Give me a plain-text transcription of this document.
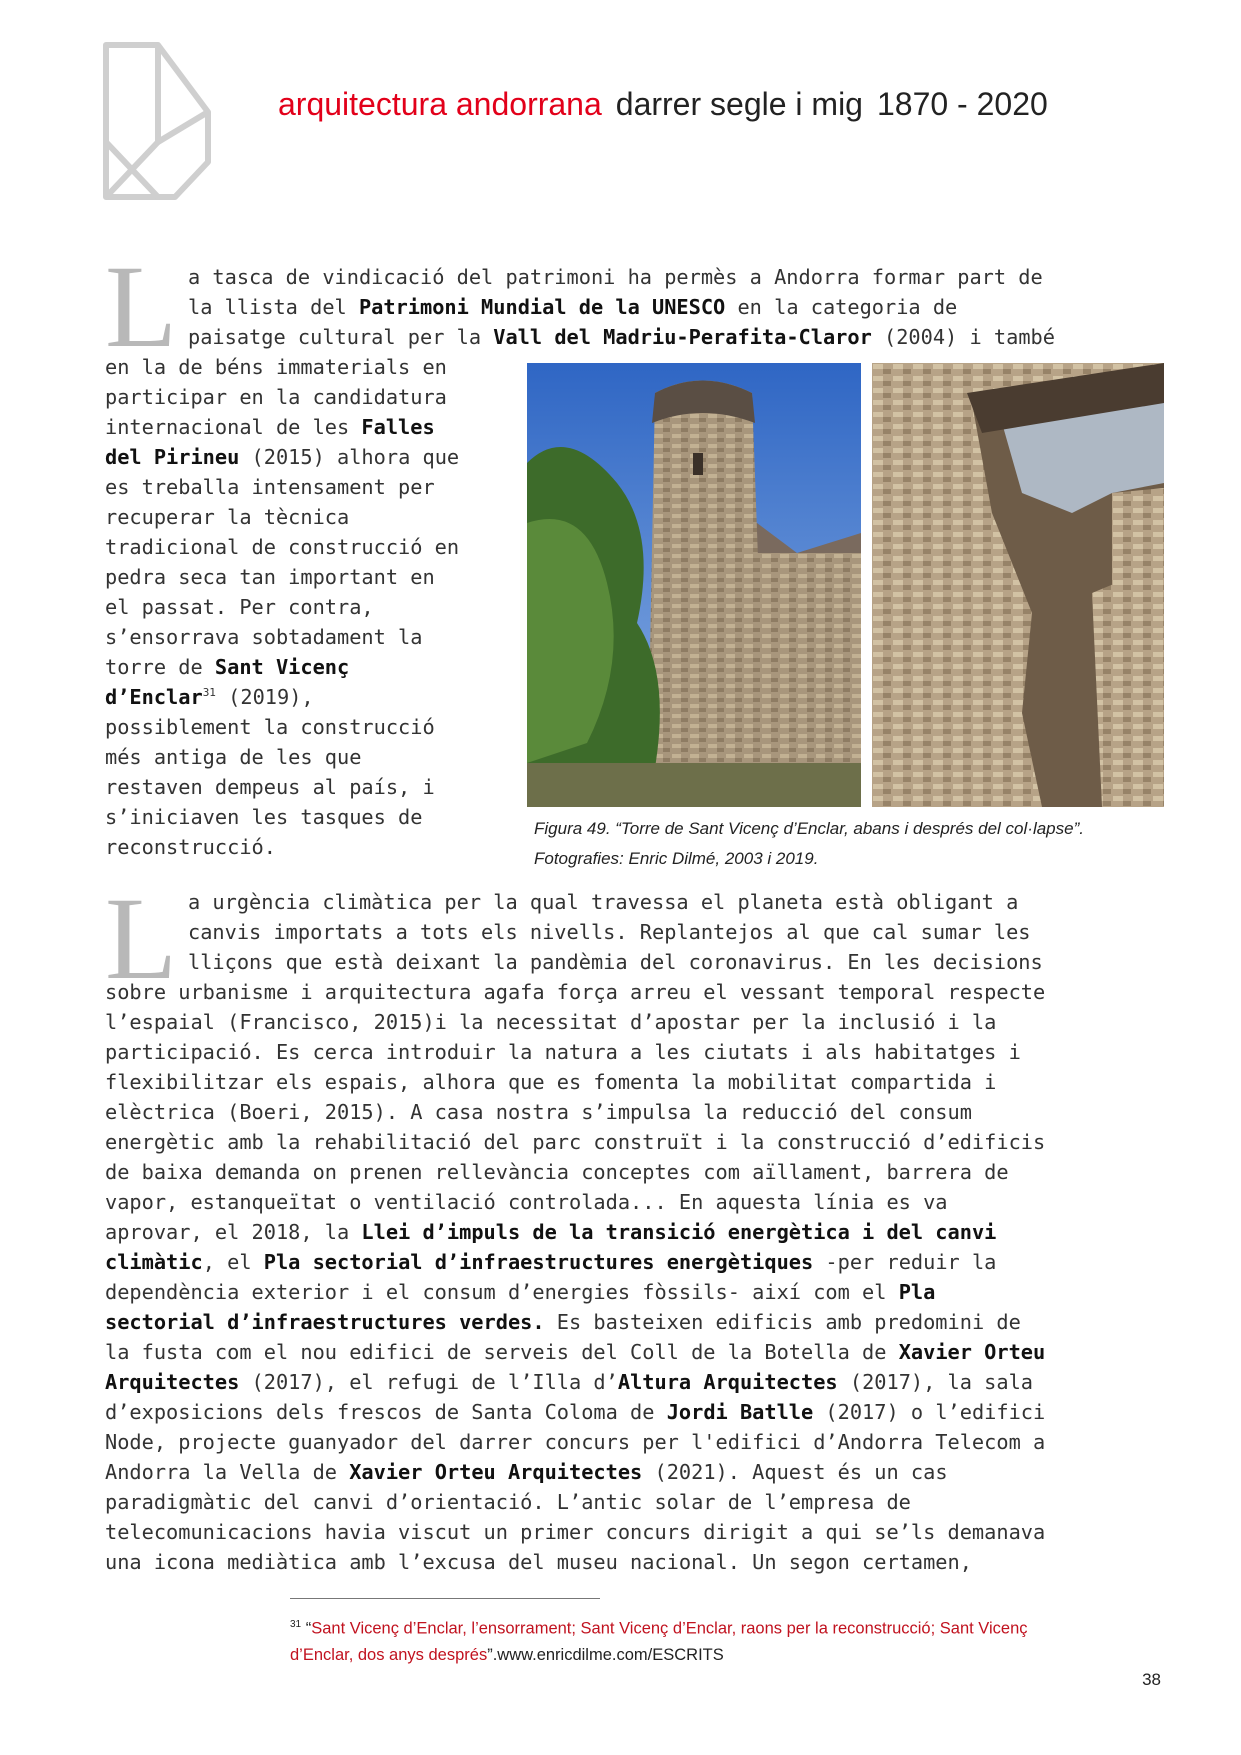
arquitectura andorrana darrer segle i mig 1870 - 2020
L a tasca de vindicació del patrimoni ha permès a Andorra formar part de
la llista del Patrimoni Mundial de la UNESCO en la categoria de
paisatge cultural per la Vall del Madriu-Perafita-Claror (2004) i també
en la de béns immaterials en
participar en la candidatura
internacional de les Falles
del Pirineu (2015) alhora que
es treballa intensament per
recuperar la tècnica
tradicional de construcció en
pedra seca tan important en
el passat. Per contra,
s’ensorrava sobtadament la
torre de Sant Vicenç
d’Enclar$^{31}$ (2019),
possiblement la construcció
més antiga de les que
restaven dempeus al país, i
s’iniciaven les tasques de
reconstrucció.
Figura 49. “Torre de Sant Vicenç d’Enclar, abans i després del col·lapse”.
Fotografies: Enric Dilmé, 2003 i 2019.
L a urgència climàtica per la qual travessa el planeta està obligant a
canvis importats a tots els nivells. Replantejos al que cal sumar les
lliçons que està deixant la pandèmia del coronavirus. En les decisions
sobre urbanisme i arquitectura agafa força arreu el vessant temporal respecte
l’espaial (Francisco, 2015)i la necessitat d’apostar per la inclusió i la
participació. Es cerca introduir la natura a les ciutats i als habitatges i
flexibilitzar els espais, alhora que es fomenta la mobilitat compartida i
elèctrica (Boeri, 2015). A casa nostra s’impulsa la reducció del consum
energètic amb la rehabilitació del parc construït i la construcció d’edificis
de baixa demanda on prenen rellevància conceptes com aïllament, barrera de
vapor, estanqueïtat o ventilació controlada... En aquesta línia es va
aprovar, el 2018, la Llei d’impuls de la transició energètica i del canvi
climàtic, el Pla sectorial d’infraestructures energètiques -per reduir la
dependència exterior i el consum d’energies fòssils- així com el Pla
sectorial d’infraestructures verdes. Es basteixen edificis amb predomini de
la fusta com el nou edifici de serveis del Coll de la Botella de Xavier Orteu
Arquitectes (2017), el refugi de l’Illa d’Altura Arquitectes (2017), la sala
d’exposicions dels frescos de Santa Coloma de Jordi Batlle (2017) o l’edifici
Node, projecte guanyador del darrer concurs per l'edifici d’Andorra Telecom a
Andorra la Vella de Xavier Orteu Arquitectes (2021). Aquest és un cas
paradigmàtic del canvi d’orientació. L’antic solar de l’empresa de
telecomunicacions havia viscut un primer concurs dirigit a qui se’ls demanava
una icona mediàtica amb l’excusa del museu nacional. Un segon certamen,
$^{31}$ “Sant Vicenç d’Enclar, l’ensorrament; Sant Vicenç d’Enclar, raons per la reconstrucció; Sant Vicenç
d’Enclar, dos anys després”.www.enricdilme.com/ESCRITS
38
